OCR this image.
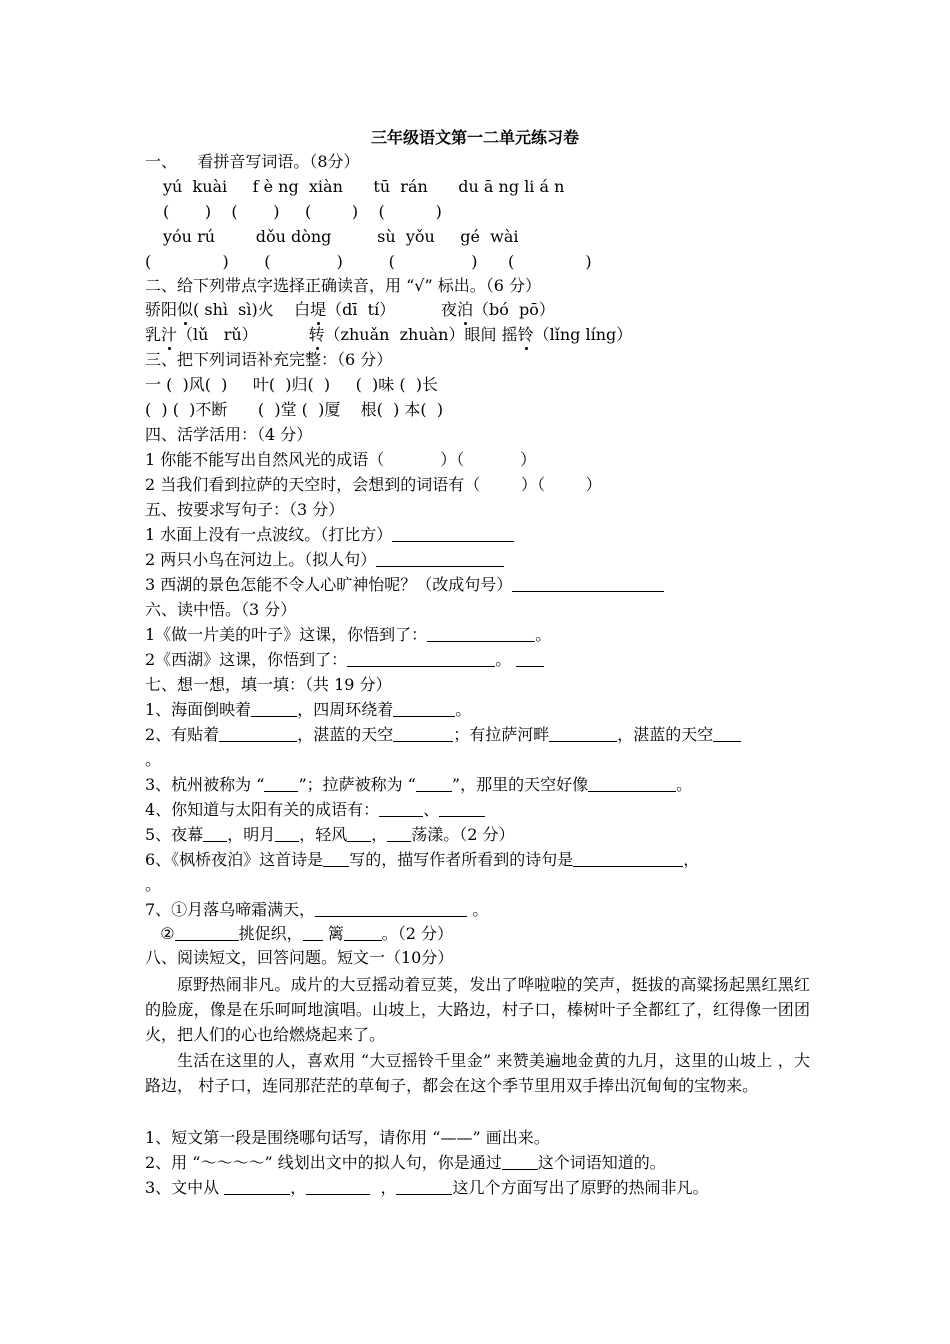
三年级语文第一二单元练习卷
一、    看拼音写词语。（8分）
yú  kuài     f è ng  xiàn      tū  rán      du ā ng li á n
(       )    (       )     (        )    (          )
yóu rú        dǒu dòng         sù  yǒu     gé  wài
(              )       (             )         (               )      (              )
二、给下列带点字选择正确读音，用 “√” 标出。（6 分）
骄阳似( shì  sì)火    白堤（dī  tí）         夜泊（bó  pō）
乳汁（lǔ   rǔ）          转（zhuǎn  zhuàn）眼间 摇铃（lǐng líng）
三、把下列词语补充完整：（6 分）
一 (  )风(  )     叶(  )归(  )     (  )味 (  )长
(  ) (  )不断      (  )堂 (  )厦    根(  ) 本(  )
四、活学活用：（4 分）
1 你能不能写出自然风光的成语（           ）（           ）
2 当我们看到拉萨的天空时，会想到的词语有（        ）（        ）
五、按要求写句子：（3 分）
1 水面上没有一点波纹。（打比方）
2 两只小鸟在河边上。（拟人句）
3 西湖的景色怎能不令人心旷神怡呢？（改成句号）
六、读中悟。（3 分）
1《做一片美的叶子》这课，你悟到了：	。
2《西湖》这课，你悟到了：	。
七、想一想，填一填：（共 19 分）
1、海面倒映着	，四周环绕着	。
2、有贴着	，湛蓝的天空	；有拉萨河畔	，湛蓝的天空
。
3、杭州被称为 “ ”；拉萨被称为 “ ”，那里的天空好像	。
4、你知道与太阳有关的成语有：	、
5、夜幕 ，明月 ，轻风 ， 荡漾。（2 分）
6、《枫桥夜泊》这首诗是 写的，描写作者所看到的诗句是	，
。
7、①月落乌啼霜满天，	。
②	挑促织， 篱 。（2 分）
八、阅读短文，回答问题。短文一（10分）
原野热闹非凡。成片的大豆摇动着豆荚，发出了哗啦啦的笑声，挺拔的高粱扬起黑红黑红的脸庞，像是在乐呵呵地演唱。山坡上，大路边，村子口，榛树叶子全都红了，红得像一团团火，把人们的心也给燃烧起来了。
生活在这里的人，喜欢用 “大豆摇铃千里金” 来赞美遍地金黄的九月，这里的山坡上 ，大路边， 村子口，连同那茫茫的草甸子，都会在这个季节里用双手捧出沉甸甸的宝物来。
1、短文第一段是围绕哪句话写，请你用 “——” 画出来。
2、用 “～～～～” 线划出文中的拟人句，你是通过 这个词语知道的。
3、文中从	，	，	这几个方面写出了原野的热闹非凡。
